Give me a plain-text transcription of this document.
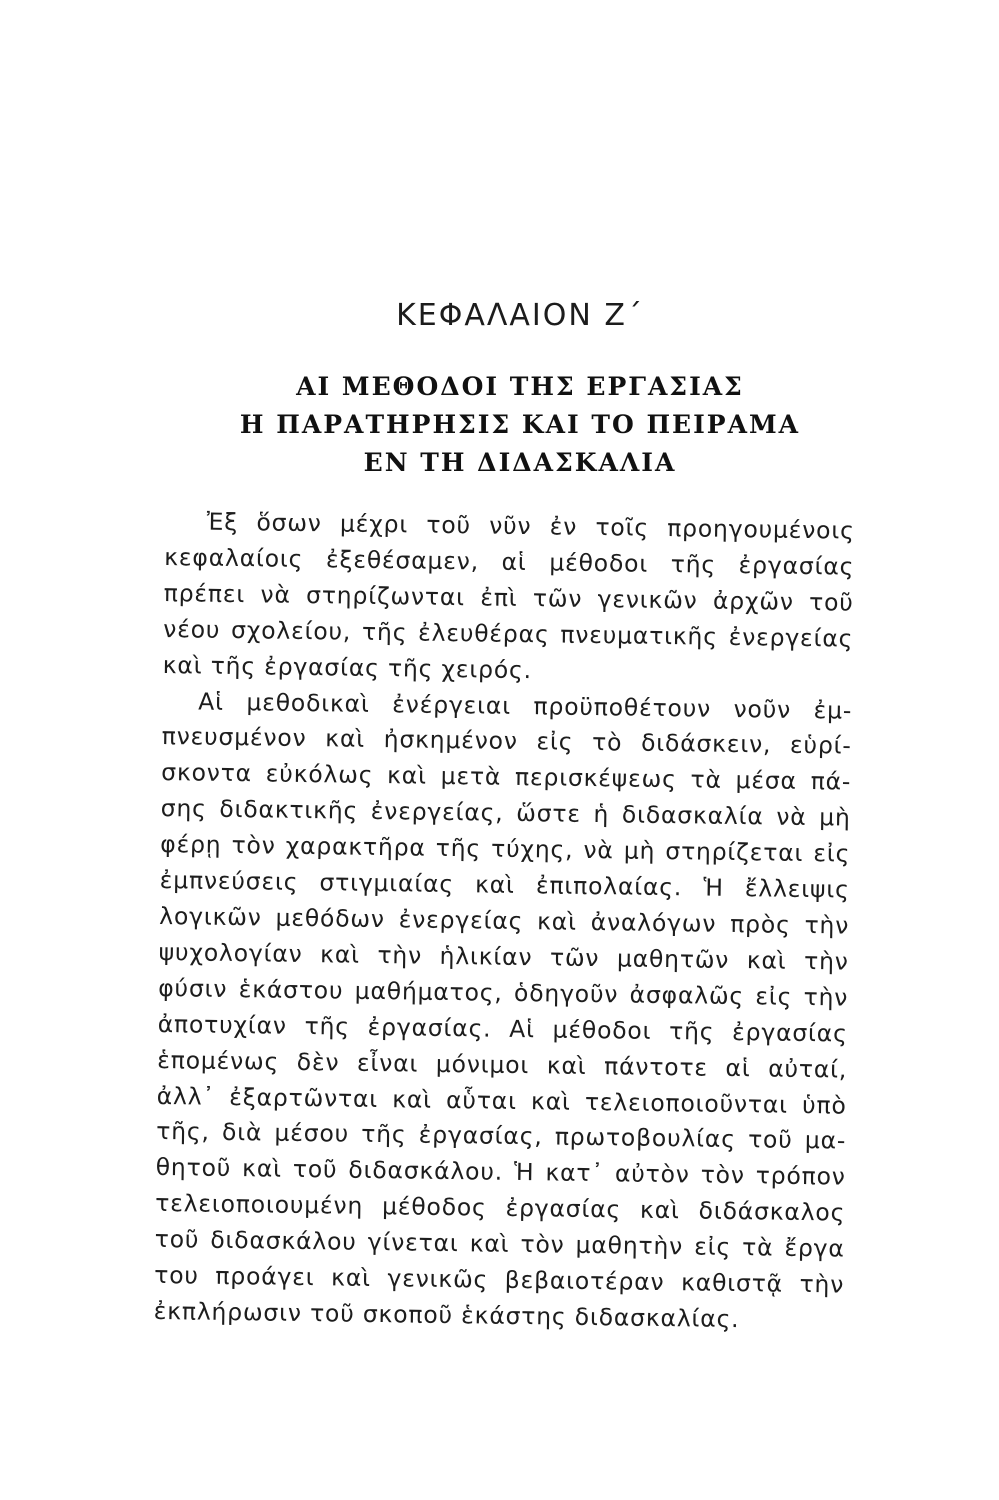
ΚΕΦΑΛΑΙΟΝ Ζ΄
ΑΙ ΜΕΘΟΔΟΙ ΤΗΣ ΕΡΓΑΣΙΑΣ
Η ΠΑΡΑΤΗΡΗΣΙΣ ΚΑΙ ΤΟ ΠΕΙΡΑΜΑ
ΕΝ ΤΗ ΔΙΔΑΣΚΑΛΙΑ
Ἐξ ὅσων μέχρι τοῦ νῦν ἐν τοῖς προηγουμένοις
κεφαλαίοις ἐξεθέσαμεν, αἱ μέθοδοι τῆς ἐργασίας
πρέπει νὰ στηρίζωνται ἐπὶ τῶν γενικῶν ἀρχῶν τοῦ
νέου σχολείου, τῆς ἐλευθέρας πνευματικῆς ἐνεργείας
καὶ τῆς ἐργασίας τῆς χειρός.
Αἱ μεθοδικαὶ ἐνέργειαι προϋποθέτουν νοῦν ἐμ-
πνευσμένον καὶ ἠσκημένον εἰς τὸ διδάσκειν, εὑρί-
σκοντα εὐκόλως καὶ μετὰ περισκέψεως τὰ μέσα πά-
σης διδακτικῆς ἐνεργείας, ὥστε ἡ διδασκαλία νὰ μὴ
φέρῃ τὸν χαρακτῆρα τῆς τύχης, νὰ μὴ στηρίζεται εἰς
ἐμπνεύσεις στιγμιαίας καὶ ἐπιπολαίας. Ἡ ἔλλειψις
λογικῶν μεθόδων ἐνεργείας καὶ ἀναλόγων πρὸς τὴν
ψυχολογίαν καὶ τὴν ἡλικίαν τῶν μαθητῶν καὶ τὴν
φύσιν ἑκάστου μαθήματος, ὁδηγοῦν ἀσφαλῶς εἰς τὴν
ἀποτυχίαν τῆς ἐργασίας. Αἱ μέθοδοι τῆς ἐργασίας
ἑπομένως δὲν εἶναι μόνιμοι καὶ πάντοτε αἱ αὐταί,
ἀλλ᾽ ἐξαρτῶνται καὶ αὗται καὶ τελειοποιοῦνται ὑπὸ
τῆς, διὰ μέσου τῆς ἐργασίας, πρωτοβουλίας τοῦ μα-
θητοῦ καὶ τοῦ διδασκάλου. Ἡ κατ᾽ αὐτὸν τὸν τρόπον
τελειοποιουμένη μέθοδος ἐργασίας καὶ διδάσκαλος
τοῦ διδασκάλου γίνεται καὶ τὸν μαθητὴν εἰς τὰ ἔργα
του προάγει καὶ γενικῶς βεβαιοτέραν καθιστᾷ τὴν
ἐκπλήρωσιν τοῦ σκοποῦ ἑκάστης διδασκαλίας.
